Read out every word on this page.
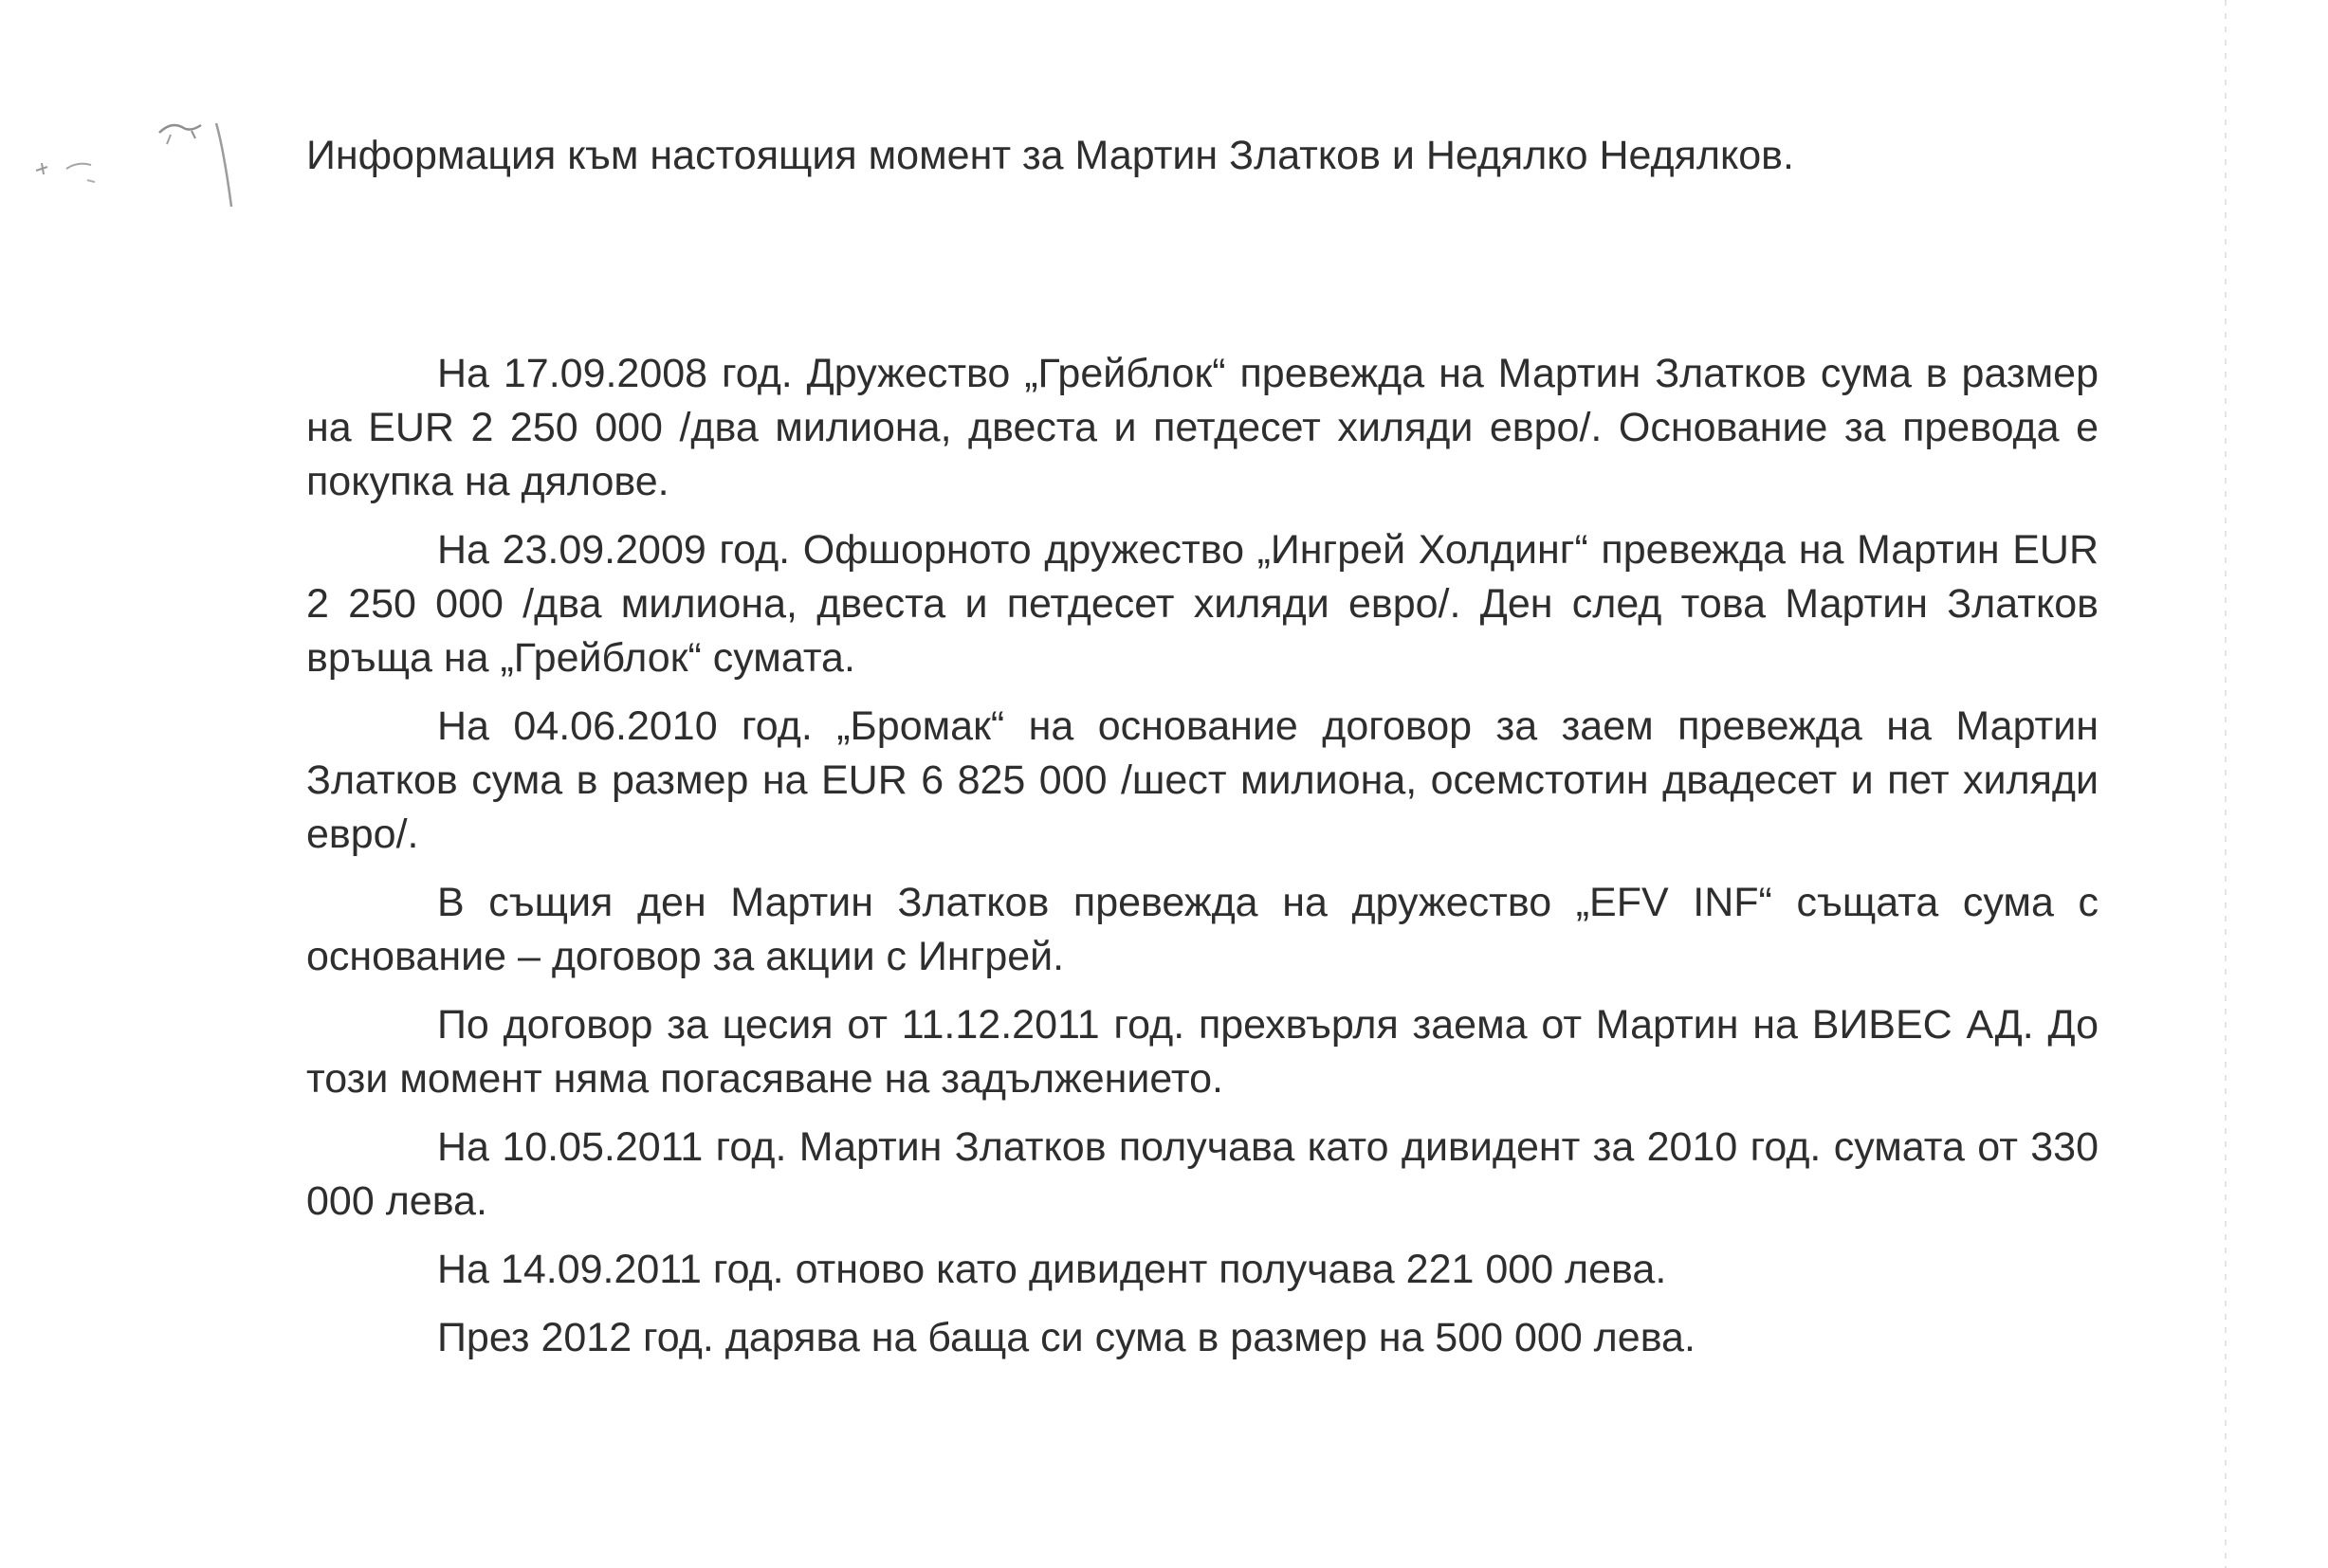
Информация към настоящия момент за Мартин Златков и Недялко Недялков.

На 17.09.2008 год. Дружество „Грейблок“ превежда на Мартин Златков сума в размер на EUR 2 250 000 /два милиона, двеста и петдесет хиляди евро/. Основание за превода е покупка на дялове.

На 23.09.2009 год. Офшорното дружество „Ингрей Холдинг“ превежда на Мартин EUR 2 250 000 /два милиона, двеста и петдесет хиляди евро/. Ден след това Мартин Златков връща на „Грейблок“ сумата.

На 04.06.2010 год. „Бромак“ на основание договор за заем превежда на Мартин Златков сума в размер на EUR 6 825 000 /шест милиона, осемстотин двадесет и пет хиляди евро/.

В същия ден Мартин Златков превежда на дружество „EFV INF“ същата сума с основание – договор за акции с Ингрей.

По договор за цесия от 11.12.2011 год. прехвърля заема от Мартин на ВИВЕС АД. До този момент няма погасяване на задължението.

На 10.05.2011 год. Мартин Златков получава като дивидент за 2010 год. сумата от 330 000 лева.

На 14.09.2011 год. отново като дивидент получава 221 000 лева.

През 2012 год. дарява на баща си сума в размер на 500 000 лева.
